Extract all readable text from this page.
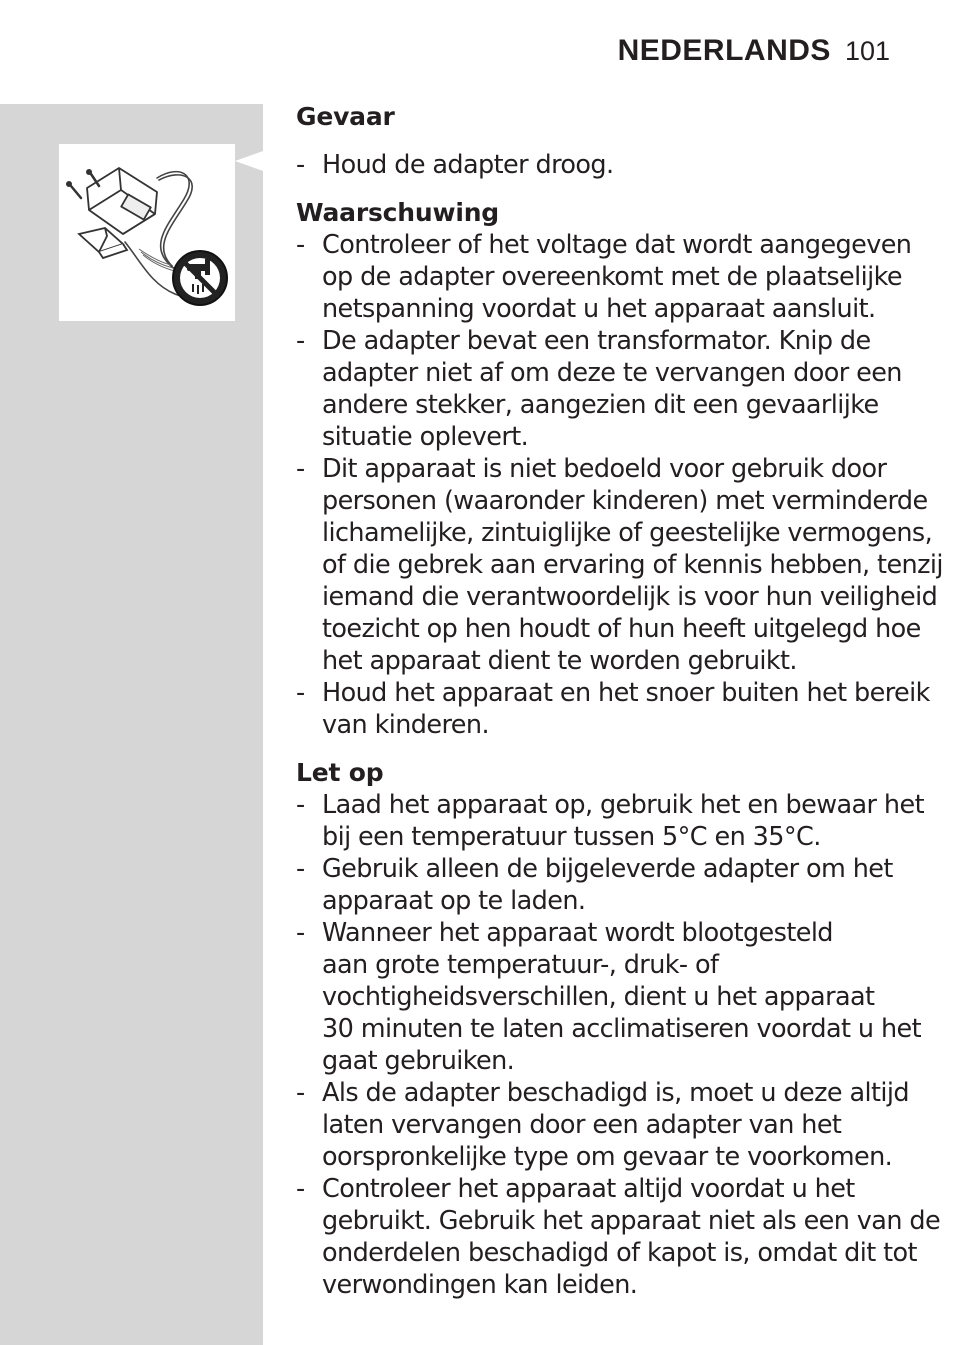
NEDERLANDS 101
Gevaar
- Houd de adapter droog.
Waarschuwing
- Controleer of het voltage dat wordt aangegeven
op de adapter overeenkomt met de plaatselijke
netspanning voordat u het apparaat aansluit.
- De adapter bevat een transformator. Knip de
adapter niet af om deze te vervangen door een
andere stekker, aangezien dit een gevaarlijke
situatie oplevert.
- Dit apparaat is niet bedoeld voor gebruik door
personen (waaronder kinderen) met verminderde
lichamelijke, zintuiglijke of geestelijke vermogens,
of die gebrek aan ervaring of kennis hebben, tenzij
iemand die verantwoordelijk is voor hun veiligheid
toezicht op hen houdt of hun heeft uitgelegd hoe
het apparaat dient te worden gebruikt.
- Houd het apparaat en het snoer buiten het bereik
van kinderen.
Let op
- Laad het apparaat op, gebruik het en bewaar het
bij een temperatuur tussen 5°C en 35°C.
- Gebruik alleen de bijgeleverde adapter om het
apparaat op te laden.
- Wanneer het apparaat wordt blootgesteld
aan grote temperatuur-, druk- of
vochtigheidsverschillen, dient u het apparaat
30 minuten te laten acclimatiseren voordat u het
gaat gebruiken.
- Als de adapter beschadigd is, moet u deze altijd
laten vervangen door een adapter van het
oorspronkelijke type om gevaar te voorkomen.
- Controleer het apparaat altijd voordat u het
gebruikt. Gebruik het apparaat niet als een van de
onderdelen beschadigd of kapot is, omdat dit tot
verwondingen kan leiden.
